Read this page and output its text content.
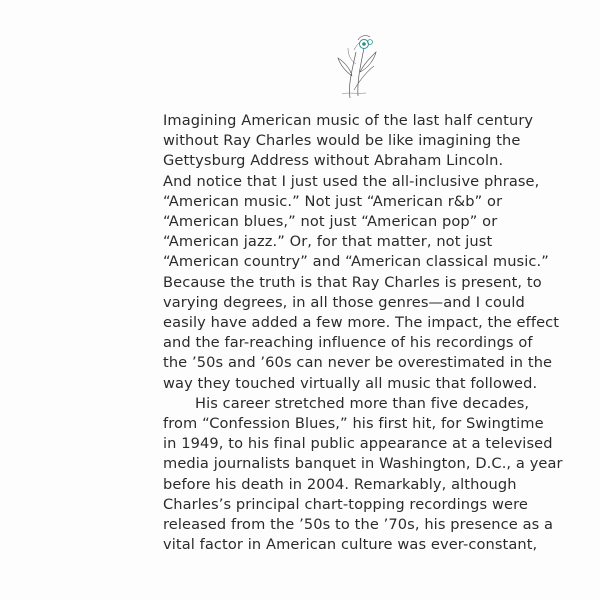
Imagining American music of the last half century
without Ray Charles would be like imagining the
Gettysburg Address without Abraham Lincoln.
And notice that I just used the all-inclusive phrase,
“American music.” Not just “American r&b” or
“American blues,” not just “American pop” or
“American jazz.” Or, for that matter, not just
“American country” and “American classical music.”
Because the truth is that Ray Charles is present, to
varying degrees, in all those genres—and I could
easily have added a few more. The impact, the effect
and the far-reaching influence of his recordings of
the ’50s and ’60s can never be overestimated in the
way they touched virtually all music that followed.
His career stretched more than five decades,
from “Confession Blues,” his first hit, for Swingtime
in 1949, to his final public appearance at a televised
media journalists banquet in Washington, D.C., a year
before his death in 2004. Remarkably, although
Charles’s principal chart-topping recordings were
released from the ’50s to the ’70s, his presence as a
vital factor in American culture was ever-constant,
